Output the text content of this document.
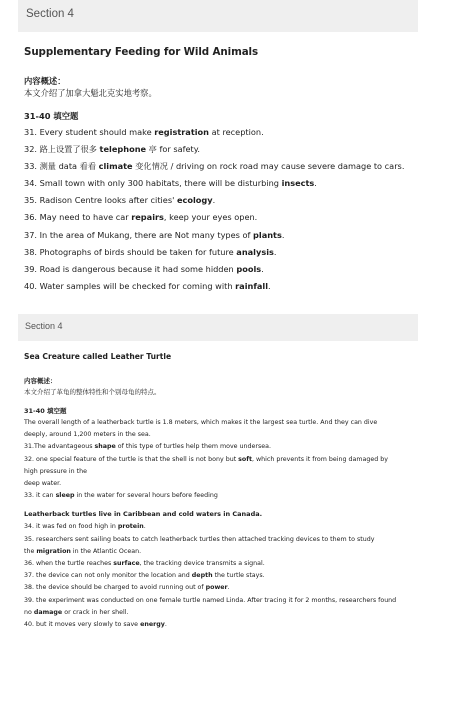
Section 4
Supplementary Feeding for Wild Animals

内容概述：

本文介绍了加拿大魁北克实地考察。

31-40 填空题

31. Every student should make registration at reception.

32. 路上设置了很多 telephone 亭 for safety.

33. 测量 data 看看 climate 变化情况 / driving on rock road may cause severe damage to cars.

34. Small town with only 300 habitats, there will be disturbing insects.

35. Radison Centre looks after cities' ecology.

36. May need to have car repairs, keep your eyes open.

37. In the area of Mukang, there are Not many types of plants.

38. Photographs of birds should be taken for future analysis.

39. Road is dangerous because it had some hidden pools.

40. Water samples will be checked for coming with rainfall.

Section 4
Sea Creature called Leather Turtle

内容概述：

本文介绍了革龟的整体特性和个别母龟的特点。

31-40 填空题

The overall length of a leatherback turtle is 1.8 meters, which makes it the largest sea turtle. And they can dive

deeply, around 1,200 meters in the sea.

31.The advantageous shape of this type of turtles help them move undersea.

32. one special feature of the turtle is that the shell is not bony but soft, which prevents it from being damaged by

high pressure in the

deep water.

33. it can sleep in the water for several hours before feeding

Leatherback turtles live in Caribbean and cold waters in Canada.

34. it was fed on food high in protein.

35. researchers sent sailing boats to catch leatherback turtles then attached tracking devices to them to study

the migration in the Atlantic Ocean.

36. when the turtle reaches surface, the tracking device transmits a signal.

37. the device can not only monitor the location and depth the turtle stays.

38. the device should be charged to avoid running out of power.

39. the experiment was conducted on one female turtle named Linda. After tracing it for 2 months, researchers found

no damage or crack in her shell.

40. but it moves very slowly to save energy.
